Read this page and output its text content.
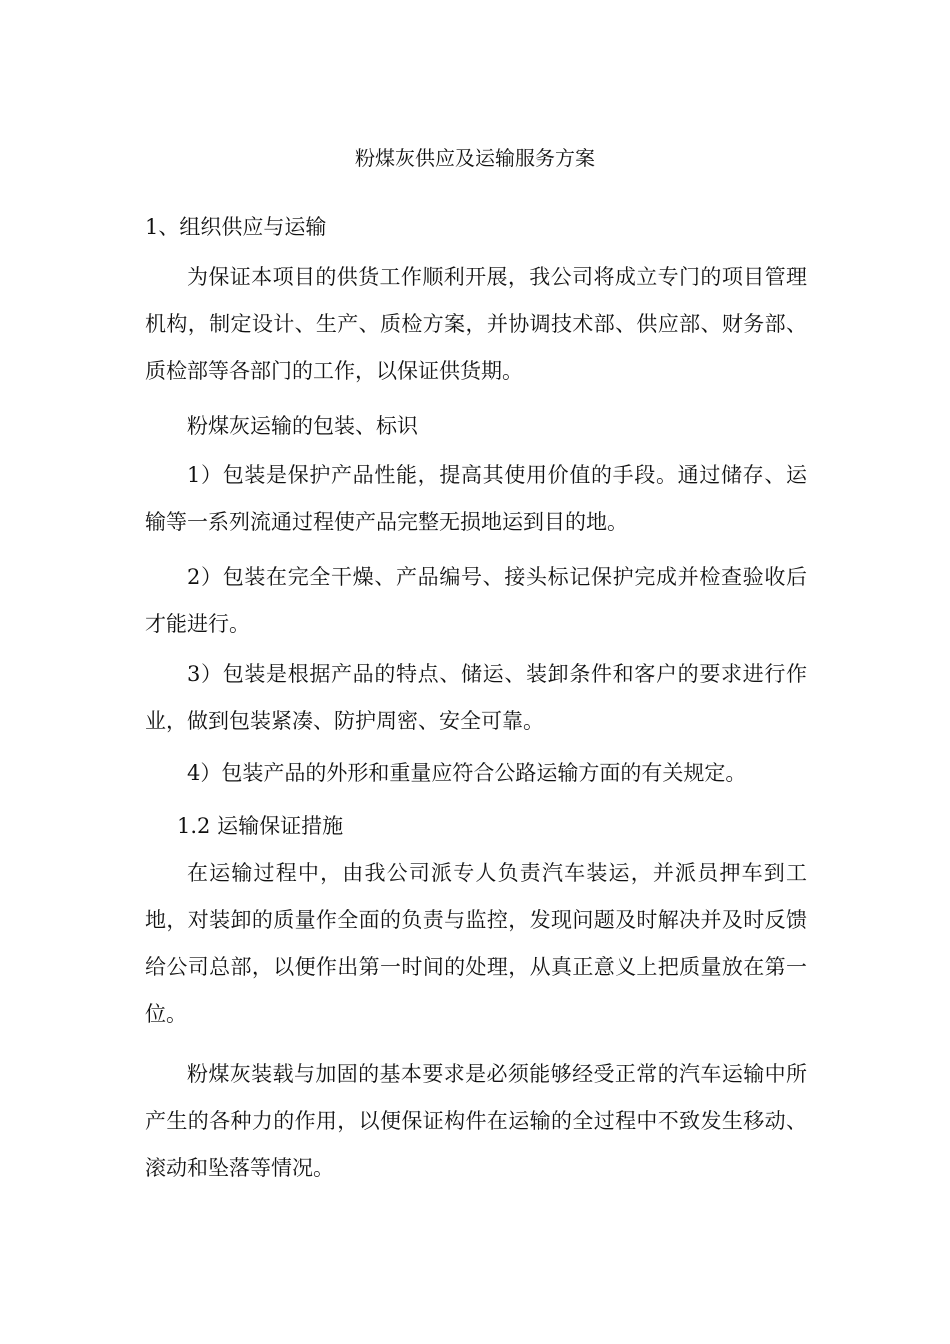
粉煤灰供应及运输服务方案
1、组织供应与运输

为保证本项目的供货工作顺利开展，我公司将成立专门的项目管理机构，制定设计、生产、质检方案，并协调技术部、供应部、财务部、质检部等各部门的工作，以保证供货期。

粉煤灰运输的包装、标识

1）包装是保护产品性能，提高其使用价值的手段。通过储存、运输等一系列流通过程使产品完整无损地运到目的地。

2）包装在完全干燥、产品编号、接头标记保护完成并检查验收后才能进行。

3）包装是根据产品的特点、储运、装卸条件和客户的要求进行作业，做到包装紧凑、防护周密、安全可靠。

4）包装产品的外形和重量应符合公路运输方面的有关规定。

1.2 运输保证措施

在运输过程中，由我公司派专人负责汽车装运，并派员押车到工地，对装卸的质量作全面的负责与监控，发现问题及时解决并及时反馈给公司总部，以便作出第一时间的处理，从真正意义上把质量放在第一位。

粉煤灰装载与加固的基本要求是必须能够经受正常的汽车运输中所产生的各种力的作用，以便保证构件在运输的全过程中不致发生移动、滚动和坠落等情况。
